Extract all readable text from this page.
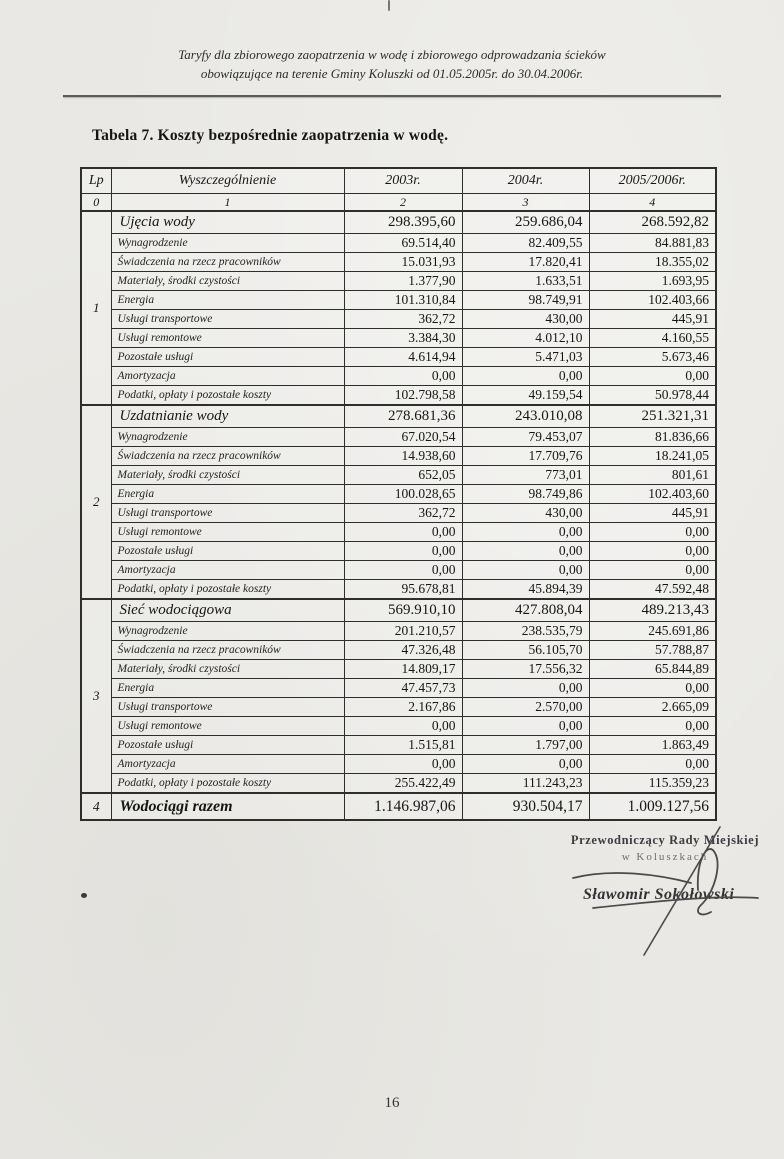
Taryfy dla zbiorowego zaopatrzenia w wodę i zbiorowego odprowadzania ścieków
obowiązujące na terenie Gminy Koluszki od 01.05.2005r. do 30.04.2006r.
Tabela 7. Koszty bezpośrednie zaopatrzenia w wodę.
Lp	Wyszczególnienie	2003r.	2004r.	2005/2006r.
0	1	2	3	4
1	Ujęcia wody	298.395,60	259.686,04	268.592,82
	Wynagrodzenie	69.514,40	82.409,55	84.881,83
	Świadczenia na rzecz pracowników	15.031,93	17.820,41	18.355,02
	Materiały, środki czystości	1.377,90	1.633,51	1.693,95
	Energia	101.310,84	98.749,91	102.403,66
	Usługi transportowe	362,72	430,00	445,91
	Usługi remontowe	3.384,30	4.012,10	4.160,55
	Pozostałe usługi	4.614,94	5.471,03	5.673,46
	Amortyzacja	0,00	0,00	0,00
	Podatki, opłaty i pozostałe koszty	102.798,58	49.159,54	50.978,44
2	Uzdatnianie wody	278.681,36	243.010,08	251.321,31
	Wynagrodzenie	67.020,54	79.453,07	81.836,66
	Świadczenia na rzecz pracowników	14.938,60	17.709,76	18.241,05
	Materiały, środki czystości	652,05	773,01	801,61
	Energia	100.028,65	98.749,86	102.403,60
	Usługi transportowe	362,72	430,00	445,91
	Usługi remontowe	0,00	0,00	0,00
	Pozostałe usługi	0,00	0,00	0,00
	Amortyzacja	0,00	0,00	0,00
	Podatki, opłaty i pozostałe koszty	95.678,81	45.894,39	47.592,48
3	Sieć wodociągowa	569.910,10	427.808,04	489.213,43
	Wynagrodzenie	201.210,57	238.535,79	245.691,86
	Świadczenia na rzecz pracowników	47.326,48	56.105,70	57.788,87
	Materiały, środki czystości	14.809,17	17.556,32	65.844,89
	Energia	47.457,73	0,00	0,00
	Usługi transportowe	2.167,86	2.570,00	2.665,09
	Usługi remontowe	0,00	0,00	0,00
	Pozostałe usługi	1.515,81	1.797,00	1.863,49
	Amortyzacja	0,00	0,00	0,00
	Podatki, opłaty i pozostałe koszty	255.422,49	111.243,23	115.359,23
4	Wodociągi razem	1.146.987,06	930.504,17	1.009.127,56
Przewodniczący Rady Miejskiej
w Koluszkach
Sławomir Sokołowski
16
